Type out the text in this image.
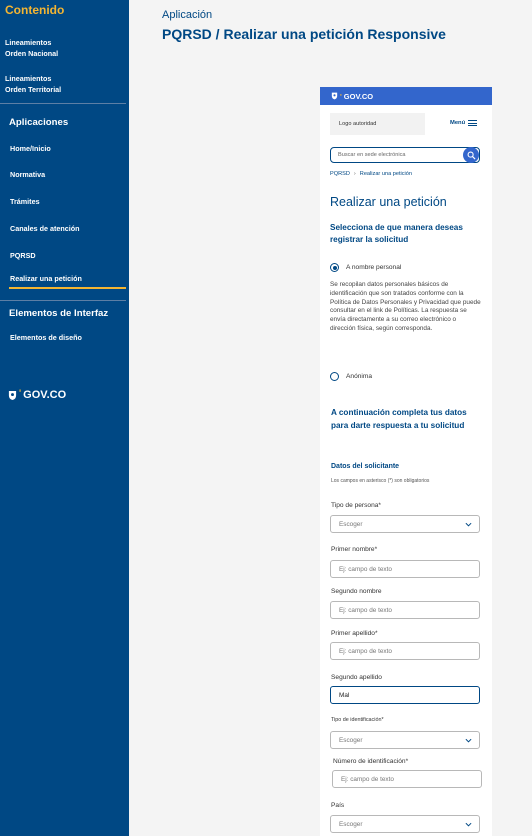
Contenido
Lineamientos
Orden Nacional
Lineamientos
Orden Territorial
Aplicaciones
Home/Inicio
Normativa
Trámites
Canales de atención
PQRSD
Realizar una petición
Elementos de Interfaz
Elementos de diseño
' GOV.CO
Aplicación
PQRSD / Realizar una petición Responsive
' GOV.CO
Logo autoridad	Menú
Buscar en sede electrónica
PQRSD › Realizar una petición
Realizar una petición
Selecciona de que manera deseas registrar la solicitud
A nombre personal
Se recopilan datos personales básicos de identificación que son tratados conforme con la Política de Datos Personales y Privacidad que puede consultar en el link de Políticas. La respuesta se envía directamente a su correo electrónico o dirección física, según corresponda.
Anónima
A continuación completa tus datos para darte respuesta a tu solicitud
Datos del solicitante
Los campos en asterisco (*) son obligatorios
Tipo de persona*
Escoger
Primer nombre*
Ej: campo de texto
Segundo nombre
Ej: campo de texto
Primer apellido*
Ej: campo de texto
Segundo apellido
Mal
Tipo de identificación*
Escoger
Número de identificación*
Ej: campo de texto
País
Escoger
